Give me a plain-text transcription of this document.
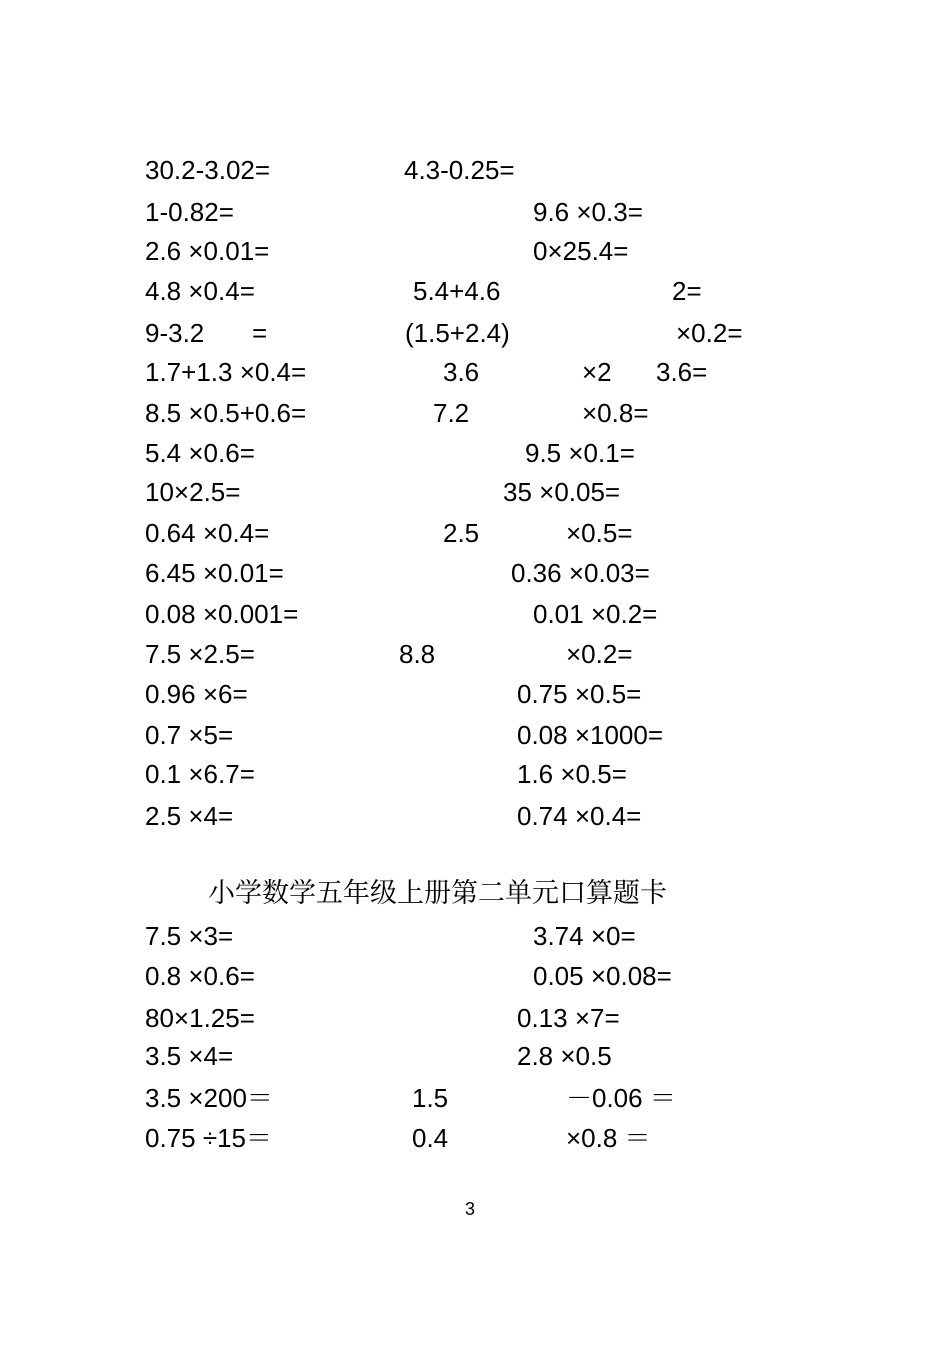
30.2-3.02=	4.3-0.25=
1-0.82=	9.6 ×0.3=
2.6 ×0.01=	0×25.4=
4.8 ×0.4=	5.4+4.6	2=
9-3.2 =	(1.5+2.4)	×0.2=
1.7+1.3 ×0.4=	3.6	×2 3.6=
8.5 ×0.5+0.6=	7.2	×0.8=
5.4 ×0.6=	9.5 ×0.1=
10×2.5=	35 ×0.05=
0.64 ×0.4=	2.5	×0.5=
6.45 ×0.01=	0.36 ×0.03=
0.08 ×0.001=	0.01 ×0.2=
7.5 ×2.5=	8.8	×0.2=
0.96 ×6=	0.75 ×0.5=
0.7 ×5=	0.08 ×1000=
0.1 ×6.7=	1.6 ×0.5=
2.5 ×4=	0.74 ×0.4=
小学数学五年级上册第二单元口算题卡
7.5 ×3=	3.74 ×0=
0.8 ×0.6=	0.05 ×0.08=
80×1.25=	0.13 ×7=
3.5 ×4=	2.8 ×0.5
3.5 ×200＝	1.5	－0.06 ＝
0.75 ÷15＝	0.4	×0.8 ＝
3
